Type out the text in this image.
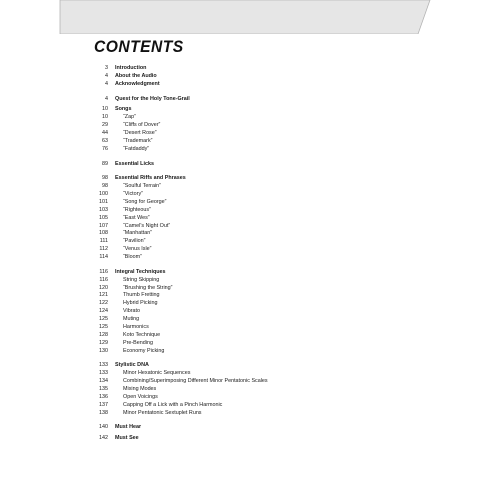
CONTENTS
3 Introduction
4 About the Audio
4 Acknowledgment
4 Quest for the Holy Tone-Grail
10 Songs
10	“Zap”
29	“Cliffs of Dover”
44	“Desert Rose”
63	“Trademark”
76	“Fatdaddy”
89 Essential Licks
98 Essential Riffs and Phrases
98	“Soulful Terrain”
100	“Victory”
101	“Song for George”
103	“Righteous”
105	“East Wes”
107	“Camel's Night Out”
108	“Manhattan”
111	“Pavilion”
112	“Venus Isle”
114	“Bloom”
116 Integral Techniques
116	String Skipping
120	“Brushing the String”
121	Thumb Fretting
122	Hybrid Picking
124	Vibrato
125	Muting
125	Harmonics
128	Koto Technique
129	Pre-Bending
130	Economy Picking
133 Stylistic DNA
133	Minor Hexatonic Sequences
134	Combining/Superimposing Different Minor Pentatonic Scales
135	Mixing Modes
136	Open Voicings
137	Capping Off a Lick with a Pinch Harmonic
138	Minor Pentatonic Sextuplet Runs
140 Must Hear
142 Must See
